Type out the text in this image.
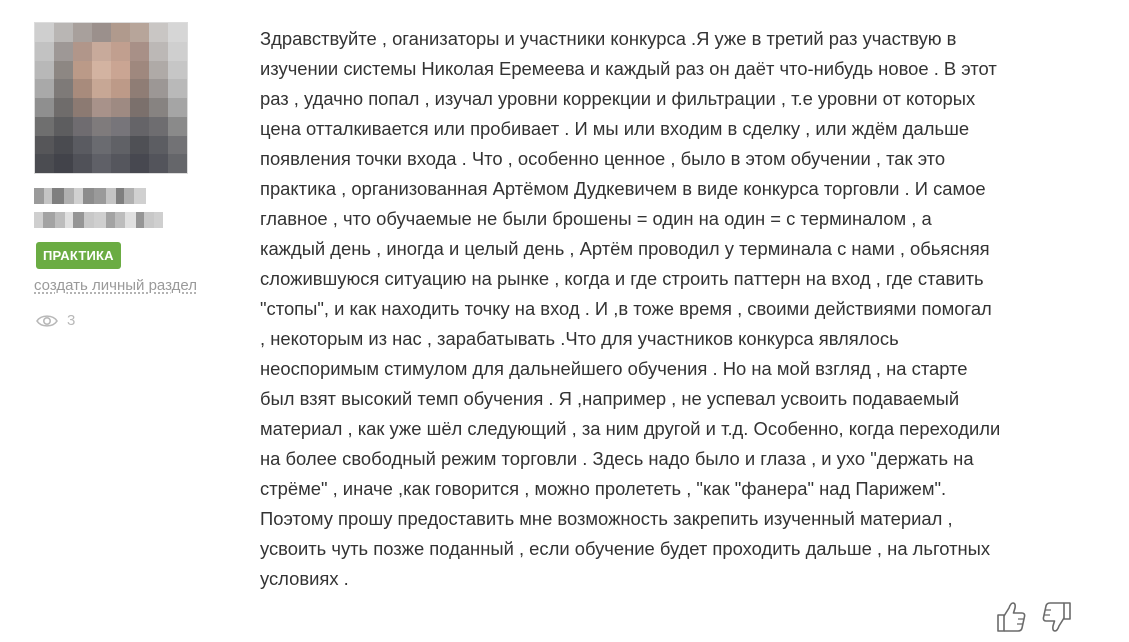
ПРАКТИКА
создать личный раздел
3
Здравствуйте , оганизаторы и участники конкурса .Я уже в третий раз участвую в
изучении системы Николая Еремеева и каждый раз он даёт что-нибудь новое . В этот
раз , удачно попал , изучал уровни коррекции и фильтрации , т.е уровни от которых
цена отталкивается или пробивает . И мы или входим в сделку , или ждём дальше
появления точки входа . Что , особенно ценное , было в этом обучении , так это
практика , организованная Артёмом Дудкевичем в виде конкурса торговли . И самое
главное , что обучаемые не были брошены = один на один = с терминалом , а
каждый день , иногда и целый день , Артём проводил у терминала с нами , обьясняя
сложившуюся ситуацию на рынке , когда и где строить паттерн на вход , где ставить
"стопы", и как находить точку на вход . И ,в тоже время , своими действиями помогал
, некоторым из нас , зарабатывать .Что для участников конкурса являлось
неоспоримым стимулом для дальнейшего обучения . Но на мой взгляд , на старте
был взят высокий темп обучения . Я ,например , не успевал усвоить подаваемый
материал , как уже шёл следующий , за ним другой и т.д. Особенно, когда переходили
на более свободный режим торговли . Здесь надо было и глаза , и ухо "держать на
стрёме" , иначе ,как говорится , можно пролететь , "как "фанера" над Парижем".
Поэтому прошу предоставить мне возможность закрепить изученный материал ,
усвоить чуть позже поданный , если обучение будет проходить дальше , на льготных
условиях .
